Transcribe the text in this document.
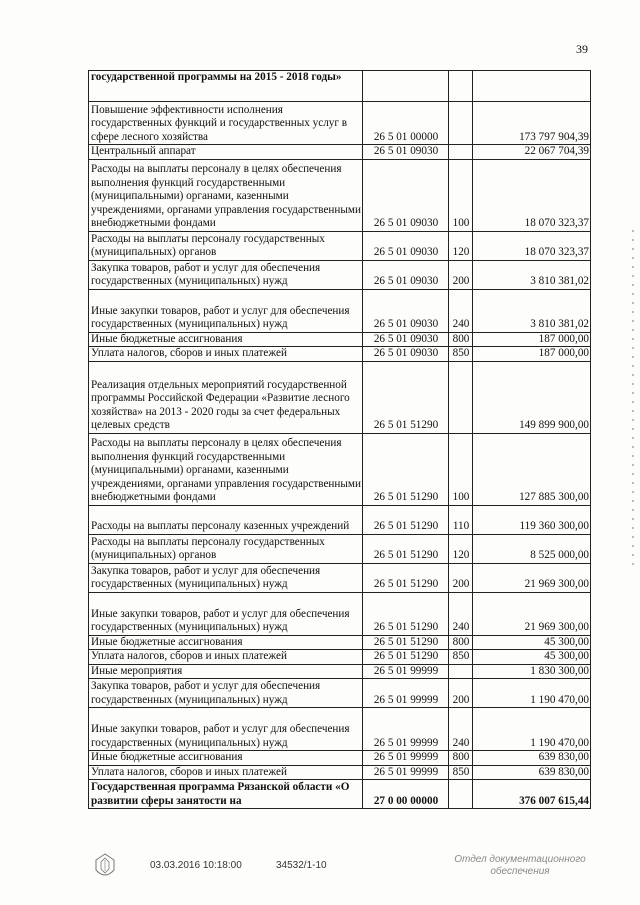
39
государственной программы на 2015 - 2018 годы»			
Повышение эффективности исполнения государственных функций и государственных услуг в сфере лесного хозяйства	26 5 01 00000		173 797 904,39
Центральный аппарат	26 5 01 09030		22 067 704,39
Расходы на выплаты персоналу в целях обеспечения выполнения функций государственными (муниципальными) органами, казенными учреждениями, органами управления государственными внебюджетными фондами	26 5 01 09030	100	18 070 323,37
Расходы на выплаты персоналу государственных (муниципальных) органов	26 5 01 09030	120	18 070 323,37
Закупка товаров, работ и услуг для обеспечения государственных (муниципальных) нужд	26 5 01 09030	200	3 810 381,02
Иные закупки товаров, работ и услуг для обеспечения государственных (муниципальных) нужд	26 5 01 09030	240	3 810 381,02
Иные бюджетные ассигнования	26 5 01 09030	800	187 000,00
Уплата налогов, сборов и иных платежей	26 5 01 09030	850	187 000,00
Реализация отдельных мероприятий государственной программы Российской Федерации «Развитие лесного хозяйства» на 2013 - 2020 годы за счет федеральных целевых средств	26 5 01 51290		149 899 900,00
Расходы на выплаты персоналу в целях обеспечения выполнения функций государственными (муниципальными) органами, казенными учреждениями, органами управления государственными внебюджетными фондами	26 5 01 51290	100	127 885 300,00
Расходы на выплаты персоналу казенных учреждений	26 5 01 51290	110	119 360 300,00
Расходы на выплаты персоналу государственных (муниципальных) органов	26 5 01 51290	120	8 525 000,00
Закупка товаров, работ и услуг для обеспечения государственных (муниципальных) нужд	26 5 01 51290	200	21 969 300,00
Иные закупки товаров, работ и услуг для обеспечения государственных (муниципальных) нужд	26 5 01 51290	240	21 969 300,00
Иные бюджетные ассигнования	26 5 01 51290	800	45 300,00
Уплата налогов, сборов и иных платежей	26 5 01 51290	850	45 300,00
Иные мероприятия	26 5 01 99999		1 830 300,00
Закупка товаров, работ и услуг для обеспечения государственных (муниципальных) нужд	26 5 01 99999	200	1 190 470,00
Иные закупки товаров, работ и услуг для обеспечения государственных (муниципальных) нужд	26 5 01 99999	240	1 190 470,00
Иные бюджетные ассигнования	26 5 01 99999	800	639 830,00
Уплата налогов, сборов и иных платежей	26 5 01 99999	850	639 830,00
Государственная программа Рязанской области «О развитии сферы занятости на	27 0 00 00000		376 007 615,44
03.03.2016 10:18:00	34532/1-10
Отдел документационного обеспечения
